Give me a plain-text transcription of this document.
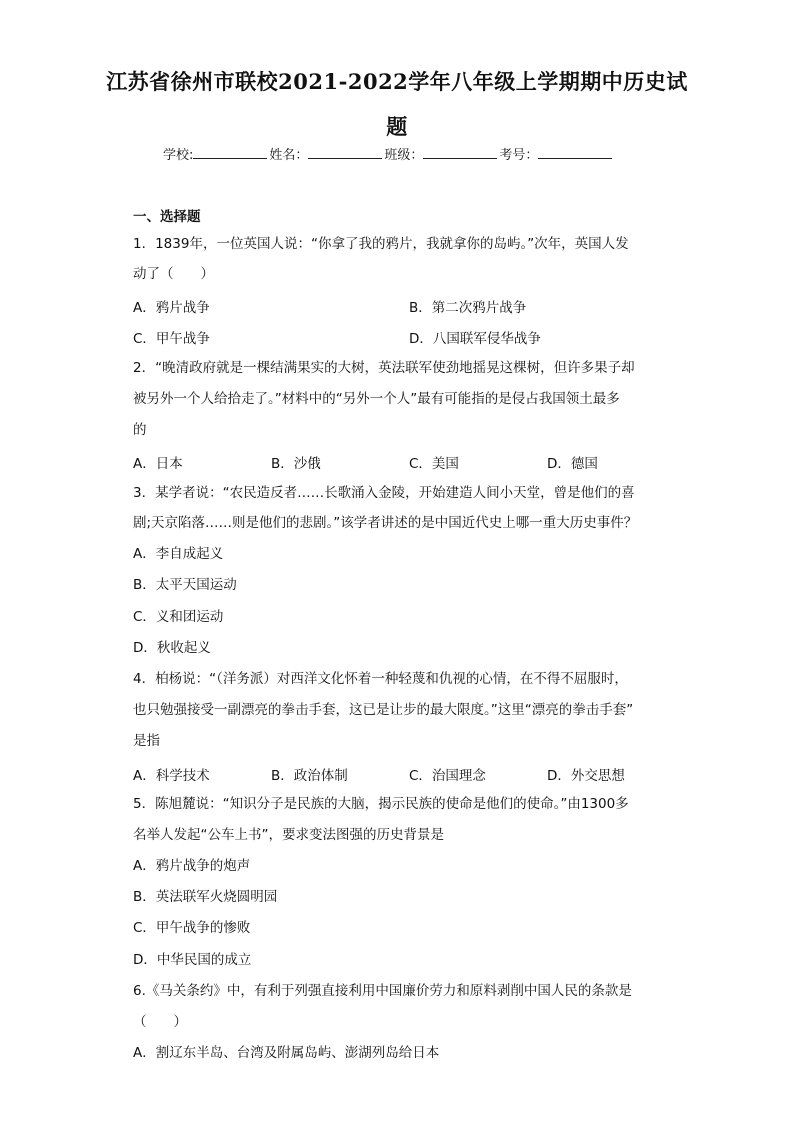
江苏省徐州市联校2021-2022学年八年级上学期期中历史试
题
学校:	姓名：	班级：	考号：
一、选择题
1．1839年，一位英国人说：“你拿了我的鸦片，我就拿你的岛屿。”次年，英国人发
动了（　　）
A．鸦片战争	B．第二次鸦片战争
C．甲午战争	D．八国联军侵华战争
2．“晚清政府就是一棵结满果实的大树，英法联军使劲地摇晃这棵树，但许多果子却
被另外一个人给拾走了。”材料中的“另外一个人”最有可能指的是侵占我国领土最多
的
A．日本	B．沙俄	C．美国	D．德国
3．某学者说：“农民造反者……长歌涌入金陵，开始建造人间小天堂，曾是他们的喜
剧;天京陷落……则是他们的悲剧。”该学者讲述的是中国近代史上哪一重大历史事件？
A．李自成起义
B．太平天国运动
C．义和团运动
D．秋收起义
4．柏杨说：“（洋务派）对西洋文化怀着一种轻蔑和仇视的心情，在不得不屈服时，
也只勉强接受一副漂亮的拳击手套，这已是让步的最大限度。”这里“漂亮的拳击手套”
是指
A．科学技术	B．政治体制	C．治国理念	D．外交思想
5．陈旭麓说：“知识分子是民族的大脑，揭示民族的使命是他们的使命。”由1300多
名举人发起“公车上书”，要求变法图强的历史背景是
A．鸦片战争的炮声
B．英法联军火烧圆明园
C．甲午战争的惨败
D．中华民国的成立
6.《马关条约》中，有利于列强直接利用中国廉价劳力和原料剥削中国人民的条款是
（　　）
A．割辽东半岛、台湾及附属岛屿、澎湖列岛给日本
